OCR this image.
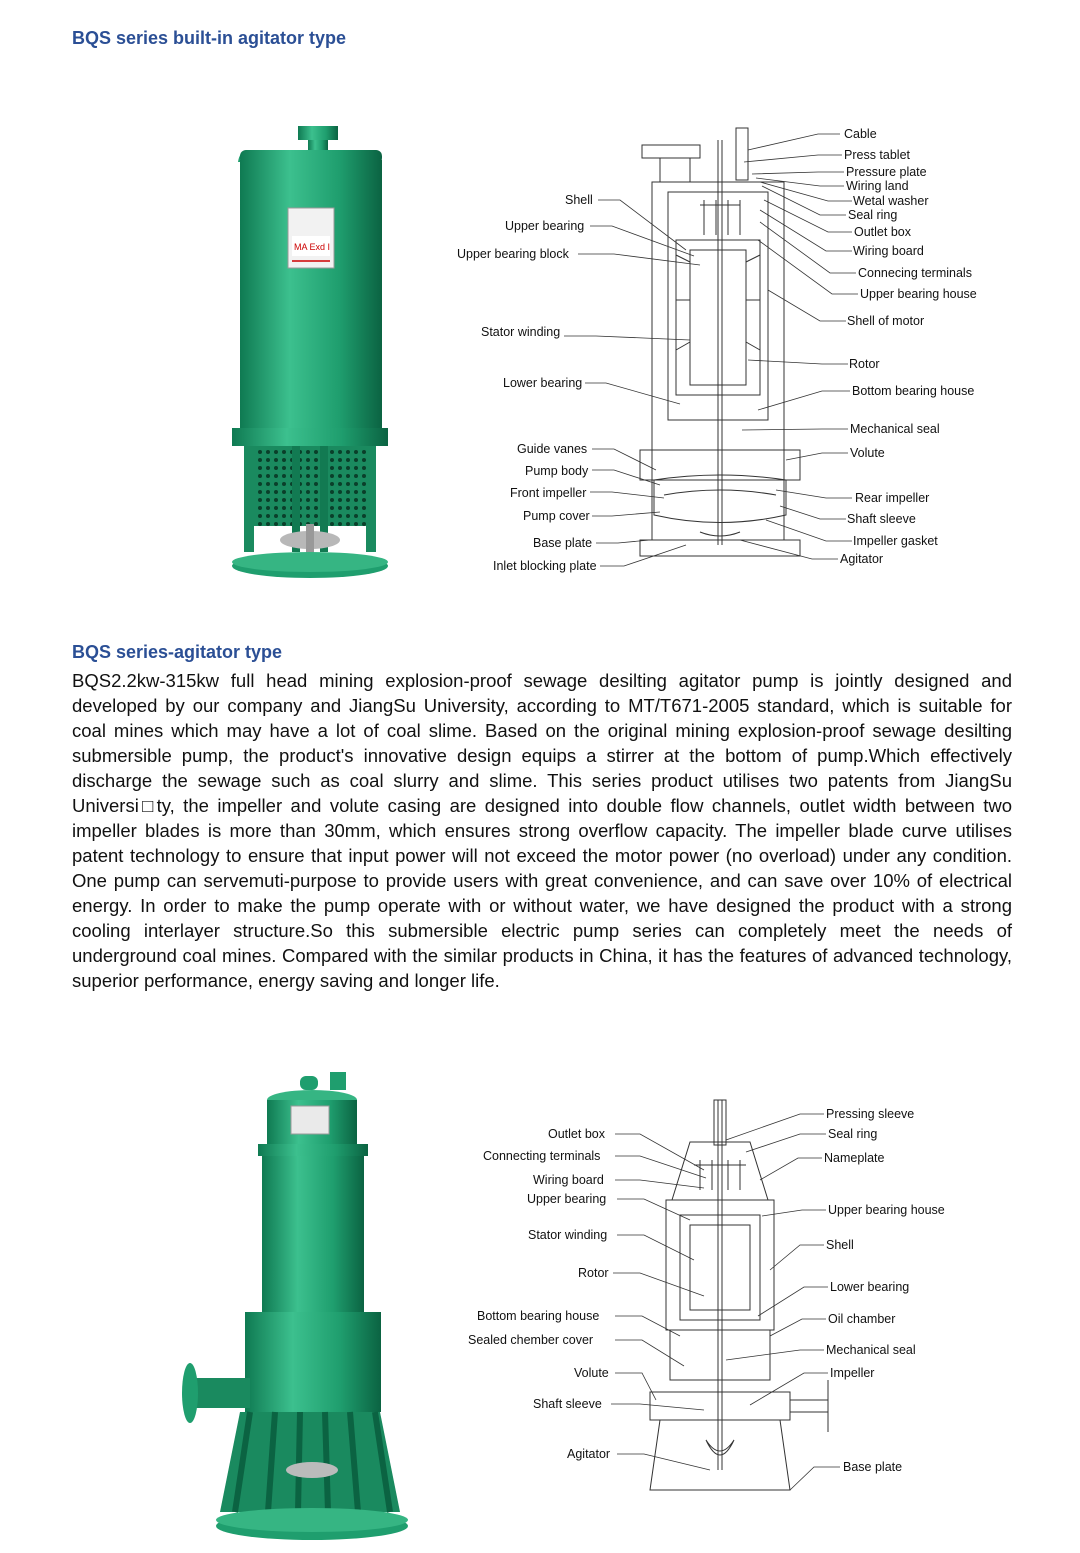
BQS series built-in agitator type
BQS series-agitator type

BQS2.2kw-315kw full head mining explosion-proof sewage desilting agitator pump is jointly designed and developed by our company and JiangSu University, according to MT/T671-2005 standard, which is suitable for coal mines which may have a lot of coal slime. Based on the original mining explosion-proof sewage desilting submersible pump, the product's innovative design equips a stirrer at the bottom of pump.Which effectively discharge the sewage such as coal slurry and slime. This series product utilises two patents from JiangSu Universi□ty, the impeller and volute casing are designed into double flow channels, outlet width between two impeller blades is more than 30mm, which ensures strong overflow capacity. The impeller blade curve utilises patent technology to ensure that input power will not exceed the motor power (no overload) under any condition. One pump can servemuti-purpose to provide users with great convenience, and can save over 10% of electrical energy. In order to make the pump operate with or without water, we have designed the product with a strong cooling interlayer structure.So this submersible electric pump series can completely meet the needs of underground coal mines. Compared with the similar products in China, it has the features of advanced technology, superior performance, energy saving and longer life.

MA Exd I
Shell
Upper bearing
Upper bearing block
Stator winding
Lower bearing
Guide vanes
Pump body
Front impeller
Pump cover
Base plate
Inlet blocking plate
Cable
Press tablet
Pressure plate
Wiring land
Wetal washer
Seal ring
Outlet box
Wiring board
Connecing terminals
Upper bearing house
Shell of motor
Rotor
Bottom bearing house
Mechanical seal
Volute
Rear impeller
Shaft sleeve
Impeller gasket
Agitator
Outlet box
Connecting terminals
Wiring board
Upper bearing
Stator winding
Rotor
Bottom bearing house
Sealed chember cover
Volute
Shaft sleeve
Agitator
Pressing sleeve
Seal ring
Nameplate
Upper bearing house
Shell
Lower bearing
Oil chamber
Mechanical seal
Impeller
Base plate
